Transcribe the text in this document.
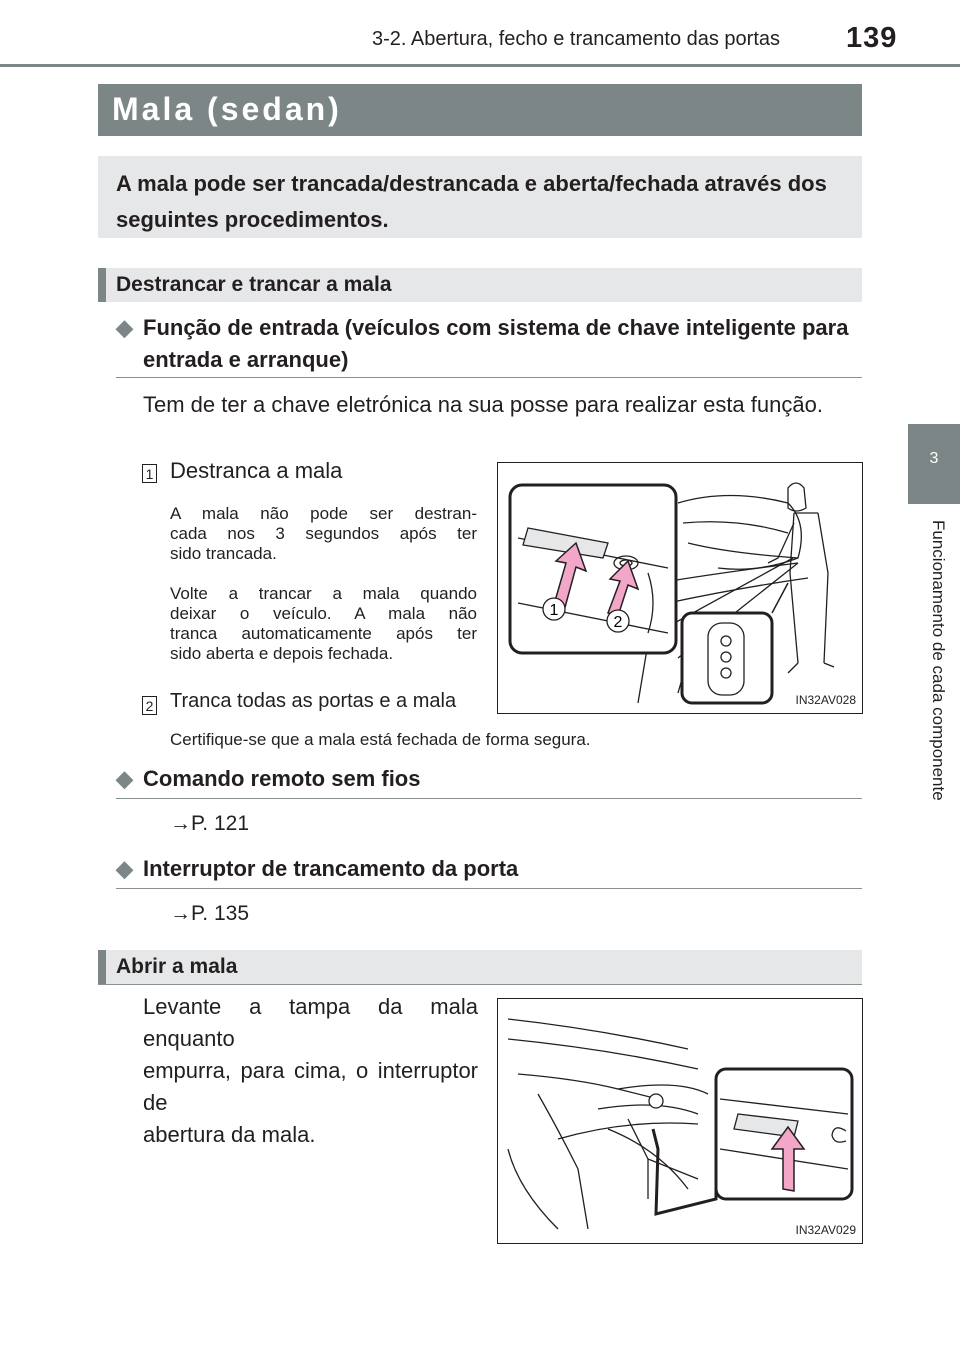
3-2. Abertura, fecho e trancamento das portas 139
3
Funcionamento de cada componente
Mala (sedan)
A mala pode ser trancada/destrancada e aberta/fechada através dos seguintes procedimentos.
Destrancar e trancar a mala
◆ Função de entrada (veículos com sistema de chave inteligente para entrada e arranque)
Tem de ter a chave eletrónica na sua posse para realizar esta função.
1 Destranca a mala
A mala não pode ser destran-
cada nos 3 segundos após ter
sido trancada.
Volte a trancar a mala quando
deixar o veículo. A mala não
tranca automaticamente após ter
sido aberta e depois fechada.
2 Tranca todas as portas e a mala
Certifique-se que a mala está fechada de forma segura.
1
2
IN32AV028
◆ Comando remoto sem fios
→P. 121
◆ Interruptor de trancamento da porta
→P. 135
Abrir a mala
Levante a tampa da mala enquanto
empurra, para cima, o interruptor de
abertura da mala.
IN32AV029
